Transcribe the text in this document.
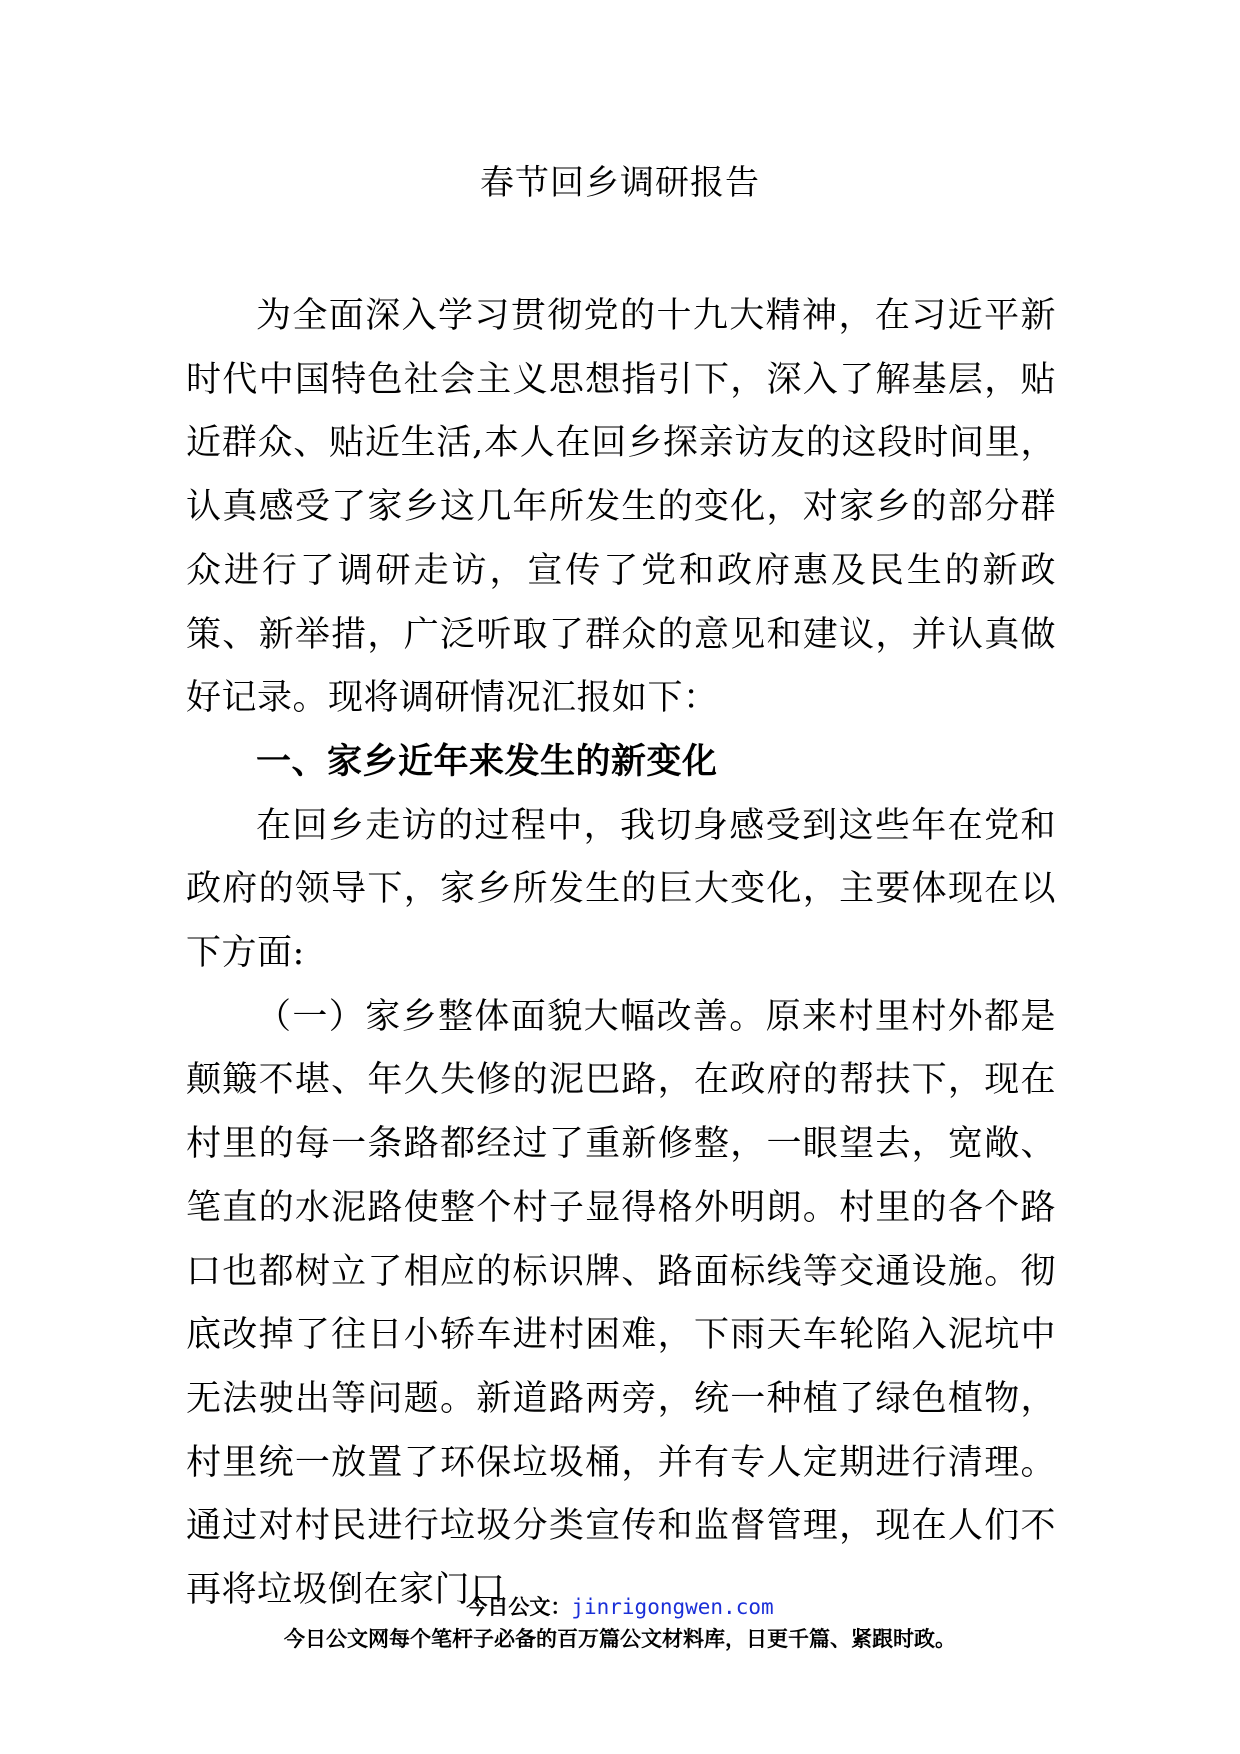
春节回乡调研报告

为全面深入学习贯彻党的十九大精神，在习近平新时代中国特色社会主义思想指引下，深入了解基层，贴近群众、贴近生活,本人在回乡探亲访友的这段时间里，认真感受了家乡这几年所发生的变化，对家乡的部分群众进行了调研走访，宣传了党和政府惠及民生的新政策、新举措，广泛听取了群众的意见和建议，并认真做好记录。现将调研情况汇报如下：

一、家乡近年来发生的新变化

在回乡走访的过程中，我切身感受到这些年在党和政府的领导下，家乡所发生的巨大变化，主要体现在以下方面:

（一）家乡整体面貌大幅改善。原来村里村外都是颠簸不堪、年久失修的泥巴路，在政府的帮扶下，现在村里的每一条路都经过了重新修整，一眼望去，宽敞、笔直的水泥路使整个村子显得格外明朗。村里的各个路口也都树立了相应的标识牌、路面标线等交通设施。彻底改掉了往日小轿车进村困难，下雨天车轮陷入泥坑中无法驶出等问题。新道路两旁，统一种植了绿色植物，村里统一放置了环保垃圾桶，并有专人定期进行清理。通过对村民进行垃圾分类宣传和监督管理，现在人们不再将垃圾倒在家门口

今日公文：jinrigongwen.com
今日公文网每个笔杆子必备的百万篇公文材料库，日更千篇、紧跟时政。
